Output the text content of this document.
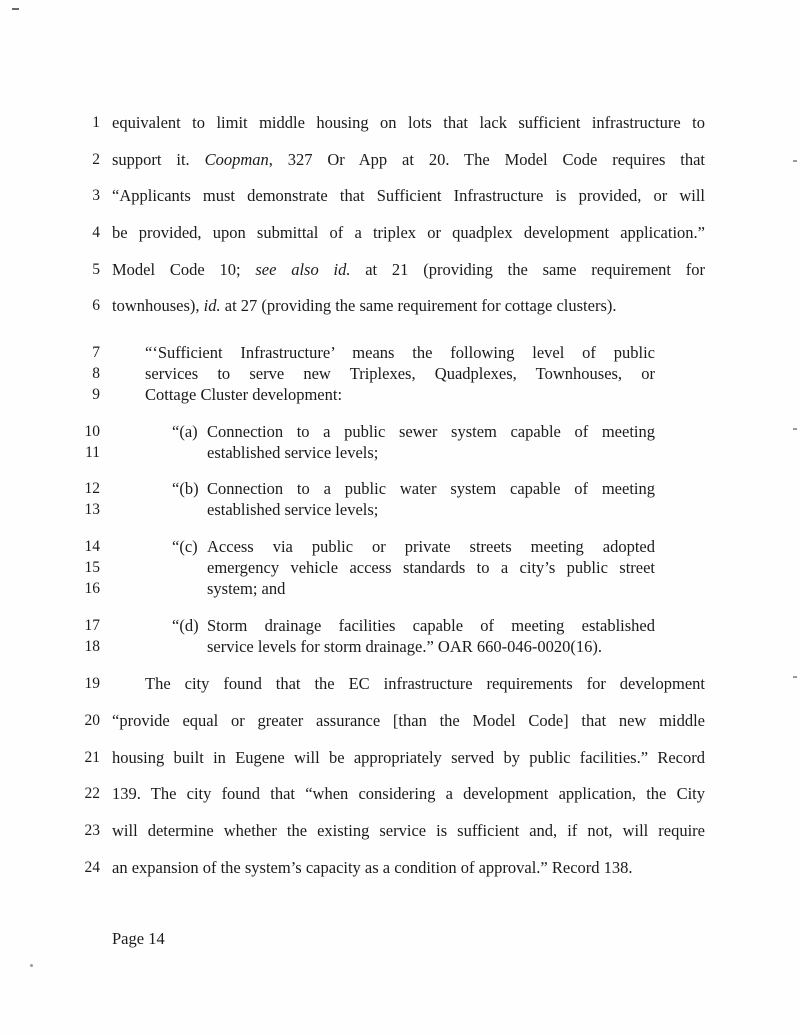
1 equivalent to limit middle housing on lots that lack sufficient infrastructure to
2 support it. Coopman, 327 Or App at 20. The Model Code requires that
3 “Applicants must demonstrate that Sufficient Infrastructure is provided, or will
4 be provided, upon submittal of a triplex or quadplex development application.”
5 Model Code 10; see also id. at 21 (providing the same requirement for
6 townhouses), id. at 27 (providing the same requirement for cottage clusters).
7	“‘Sufficient Infrastructure’ means the following level of public
8	services to serve new Triplexes, Quadplexes, Townhouses, or
9	Cottage Cluster development:
10	“(a) Connection to a public sewer system capable of meeting
11	established service levels;
12	“(b) Connection to a public water system capable of meeting
13	established service levels;
14	“(c) Access via public or private streets meeting adopted
15	emergency vehicle access standards to a city’s public street
16	system; and
17	“(d) Storm drainage facilities capable of meeting established
18	service levels for storm drainage.” OAR 660-046-0020(16).
19	The city found that the EC infrastructure requirements for development
20 “provide equal or greater assurance [than the Model Code] that new middle
21 housing built in Eugene will be appropriately served by public facilities.” Record
22 139. The city found that “when considering a development application, the City
23 will determine whether the existing service is sufficient and, if not, will require
24 an expansion of the system’s capacity as a condition of approval.” Record 138.
Page 14
